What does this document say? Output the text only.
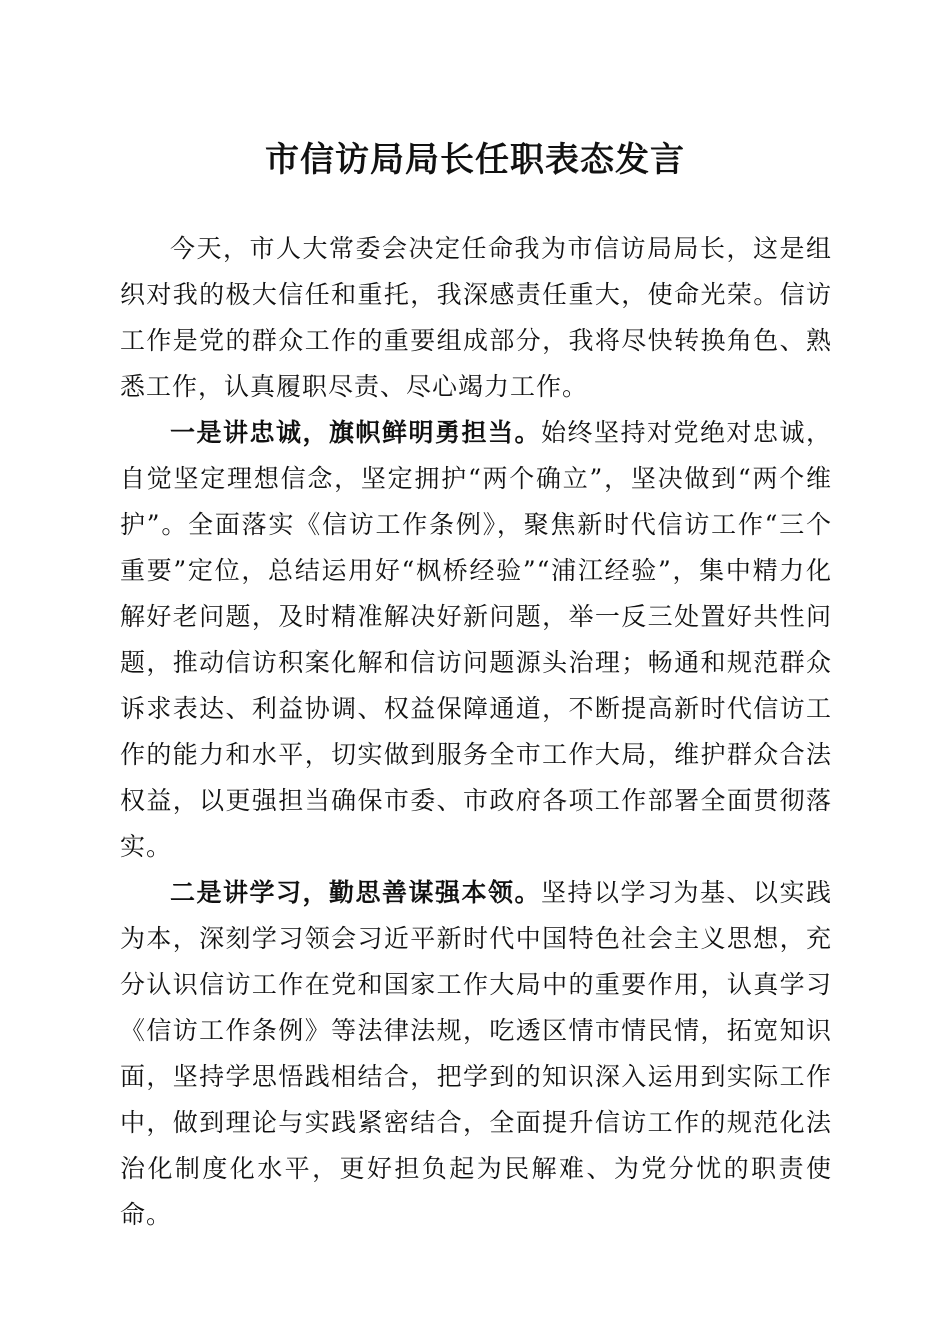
市信访局局长任职表态发言

今天，市人大常委会决定任命我为市信访局局长，这是组织对我的极大信任和重托，我深感责任重大，使命光荣。信访工作是党的群众工作的重要组成部分，我将尽快转换角色、熟悉工作，认真履职尽责、尽心竭力工作。

一是讲忠诚，旗帜鲜明勇担当。始终坚持对党绝对忠诚，自觉坚定理想信念，坚定拥护“两个确立”，坚决做到“两个维护”。全面落实《信访工作条例》，聚焦新时代信访工作“三个重要”定位，总结运用好“枫桥经验”“浦江经验”，集中精力化解好老问题，及时精准解决好新问题，举一反三处置好共性问题，推动信访积案化解和信访问题源头治理；畅通和规范群众诉求表达、利益协调、权益保障通道，不断提高新时代信访工作的能力和水平，切实做到服务全市工作大局，维护群众合法权益，以更强担当确保市委、市政府各项工作部署全面贯彻落实。

二是讲学习，勤思善谋强本领。坚持以学习为基、以实践为本，深刻学习领会习近平新时代中国特色社会主义思想，充分认识信访工作在党和国家工作大局中的重要作用，认真学习《信访工作条例》等法律法规，吃透区情市情民情，拓宽知识面，坚持学思悟践相结合，把学到的知识深入运用到实际工作中，做到理论与实践紧密结合，全面提升信访工作的规范化法治化制度化水平，更好担负起为民解难、为党分忧的职责使命。
